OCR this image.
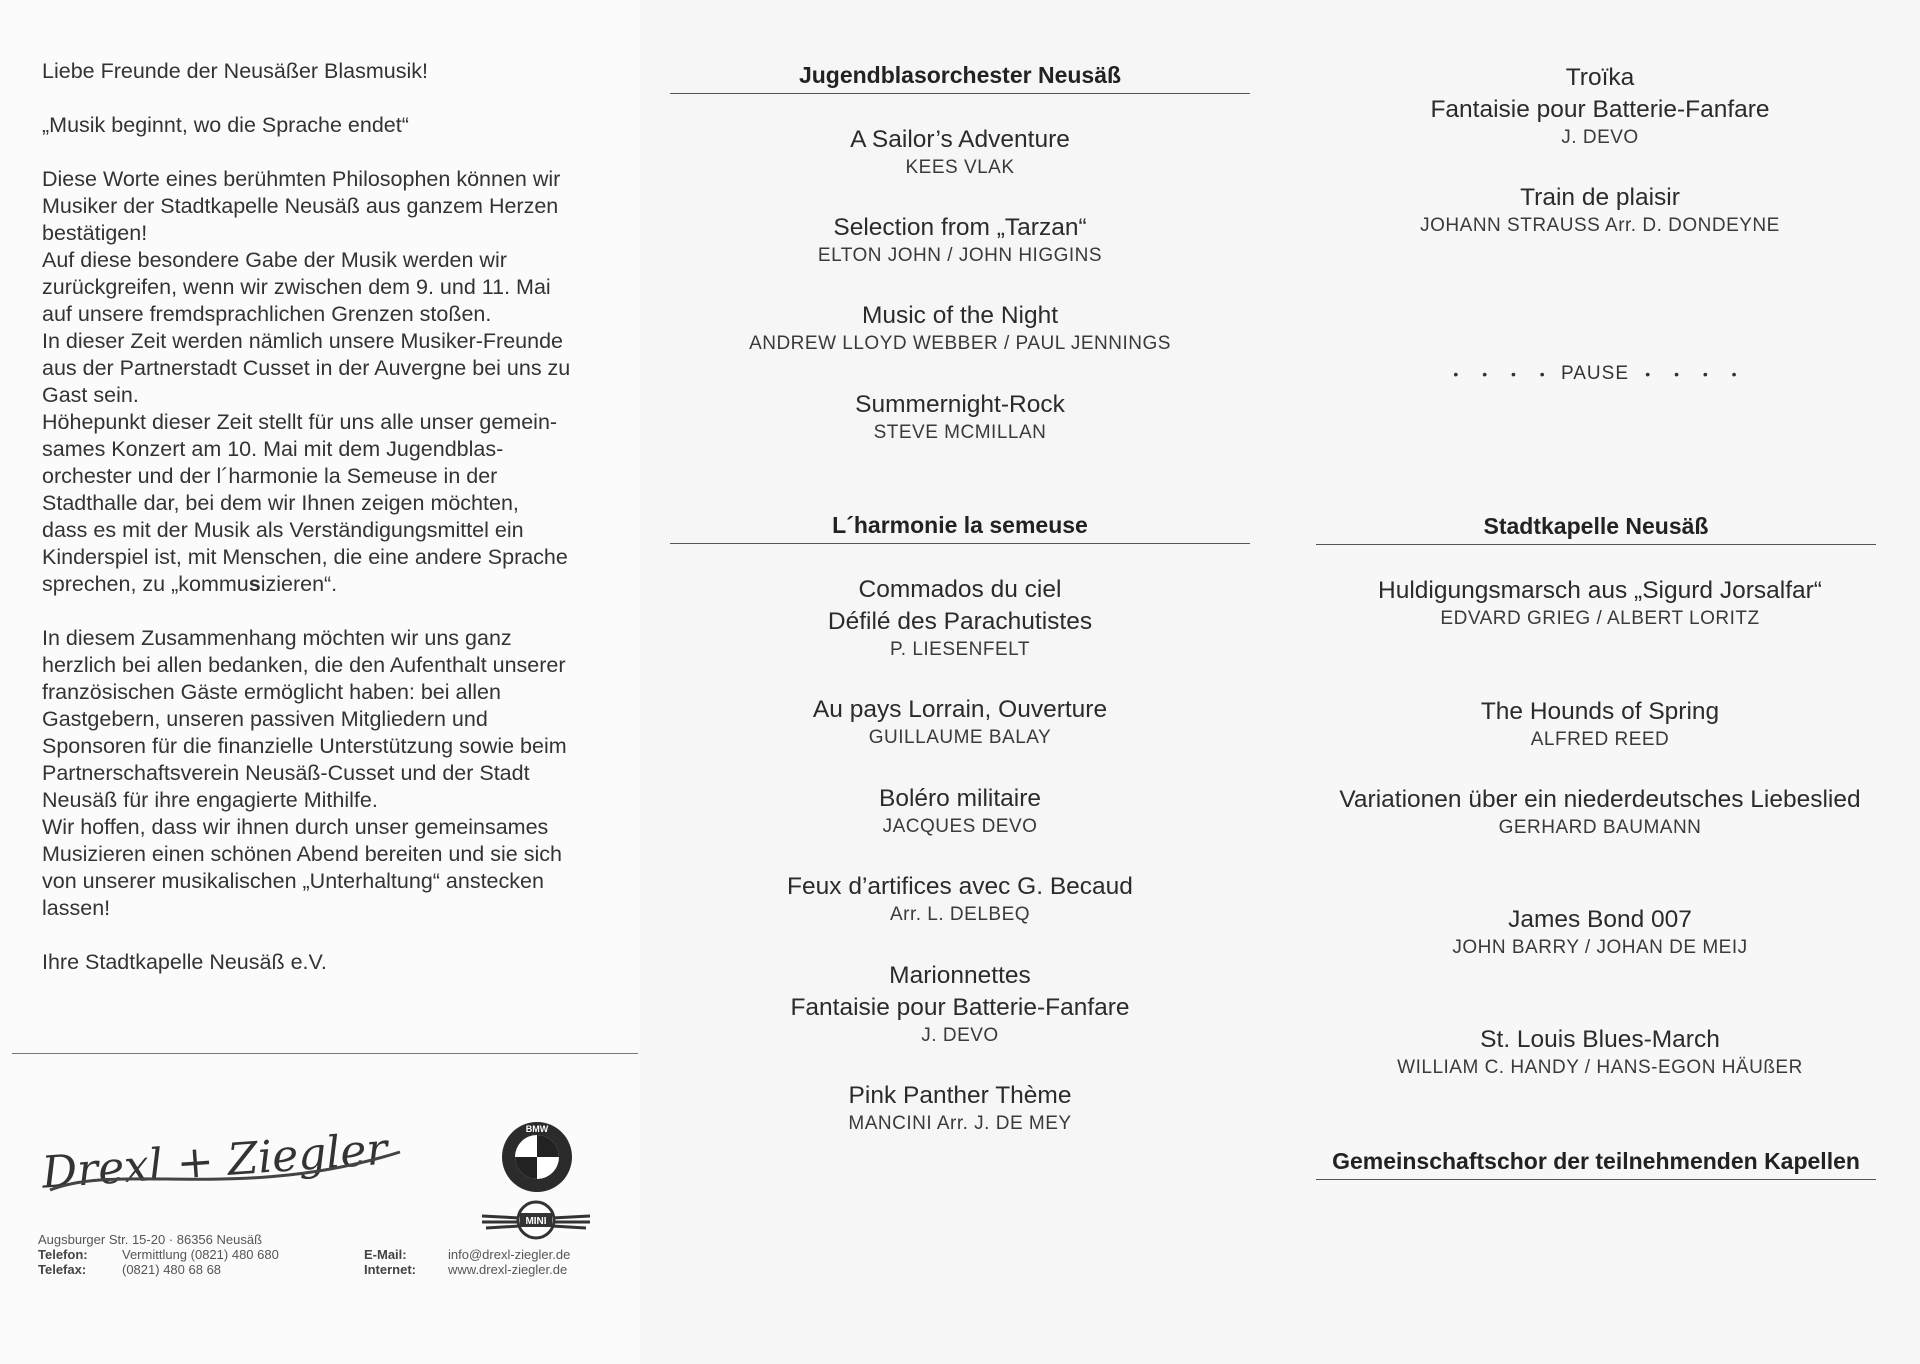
Liebe Freunde der Neusäßer Blasmusik!

„Musik beginnt, wo die Sprache endet“

Diese Worte eines berühmten Philosophen können wir
Musiker der Stadtkapelle Neusäß aus ganzem Herzen
bestätigen!
Auf diese besondere Gabe der Musik werden wir
zurückgreifen, wenn wir zwischen dem 9. und 11. Mai
auf unsere fremdsprachlichen Grenzen stoßen.
In dieser Zeit werden nämlich unsere Musiker-Freunde
aus der Partnerstadt Cusset in der Auvergne bei uns zu
Gast sein.
Höhepunkt dieser Zeit stellt für uns alle unser gemein-
sames Konzert am 10. Mai mit dem Jugendblas-
orchester und der l´harmonie la Semeuse in der
Stadthalle dar, bei dem wir Ihnen zeigen möchten,
dass es mit der Musik als Verständigungsmittel ein
Kinderspiel ist, mit Menschen, die eine andere Sprache
sprechen, zu „kommusizieren“.
In diesem Zusammenhang möchten wir uns ganz
herzlich bei allen bedanken, die den Aufenthalt unserer
französischen Gäste ermöglicht haben: bei allen
Gastgebern, unseren passiven Mitgliedern und
Sponsoren für die finanzielle Unterstützung sowie beim
Partnerschaftsverein Neusäß-Cusset und der Stadt
Neusäß für ihre engagierte Mithilfe.
Wir hoffen, dass wir ihnen durch unser gemeinsames
Musizieren einen schönen Abend bereiten und sie sich
von unserer musikalischen „Unterhaltung“ anstecken
lassen!

Ihre Stadtkapelle Neusäß e.V.

Drexl + Ziegler	BMW
MINI
Augsburger Str. 15-20 · 86356 Neusäß
Telefon:	Vermittlung (0821) 480 680
Telefax:	(0821) 480 68 68
E-Mail:	info@drexl-ziegler.de
Internet: www.drexl-ziegler.de
Jugendblasorchester Neusäß
A Sailor’s Adventure
KEES VLAK
Selection from „Tarzan“
ELTON JOHN / JOHN HIGGINS
Music of the Night
ANDREW LLOYD WEBBER / PAUL JENNINGS
Summernight-Rock
STEVE MCMILLAN
L´harmonie la semeuse
Commados du ciel
Défilé des Parachutistes
P. LIESENFELT
Au pays Lorrain, Ouverture
GUILLAUME BALAY
Boléro militaire
JACQUES DEVO
Feux d’artifices avec G. Becaud
Arr. L. DELBEQ
Marionnettes
Fantaisie pour Batterie-Fanfare
J. DEVO
Pink Panther Thème
MANCINI Arr. J. DE MEY
Troïka
Fantaisie pour Batterie-Fanfare
J. DEVO
Train de plaisir
JOHANN STRAUSS Arr. D. DONDEYNE
• • • • PAUSE • • • •
Stadtkapelle Neusäß
Huldigungsmarsch aus „Sigurd Jorsalfar“
EDVARD GRIEG / ALBERT LORITZ
The Hounds of Spring
ALFRED REED
Variationen über ein niederdeutsches Liebeslied
GERHARD BAUMANN
James Bond 007
JOHN BARRY / JOHAN DE MEIJ
St. Louis Blues-March
WILLIAM C. HANDY / HANS-EGON HÄUßER
Gemeinschaftschor der teilnehmenden Kapellen
